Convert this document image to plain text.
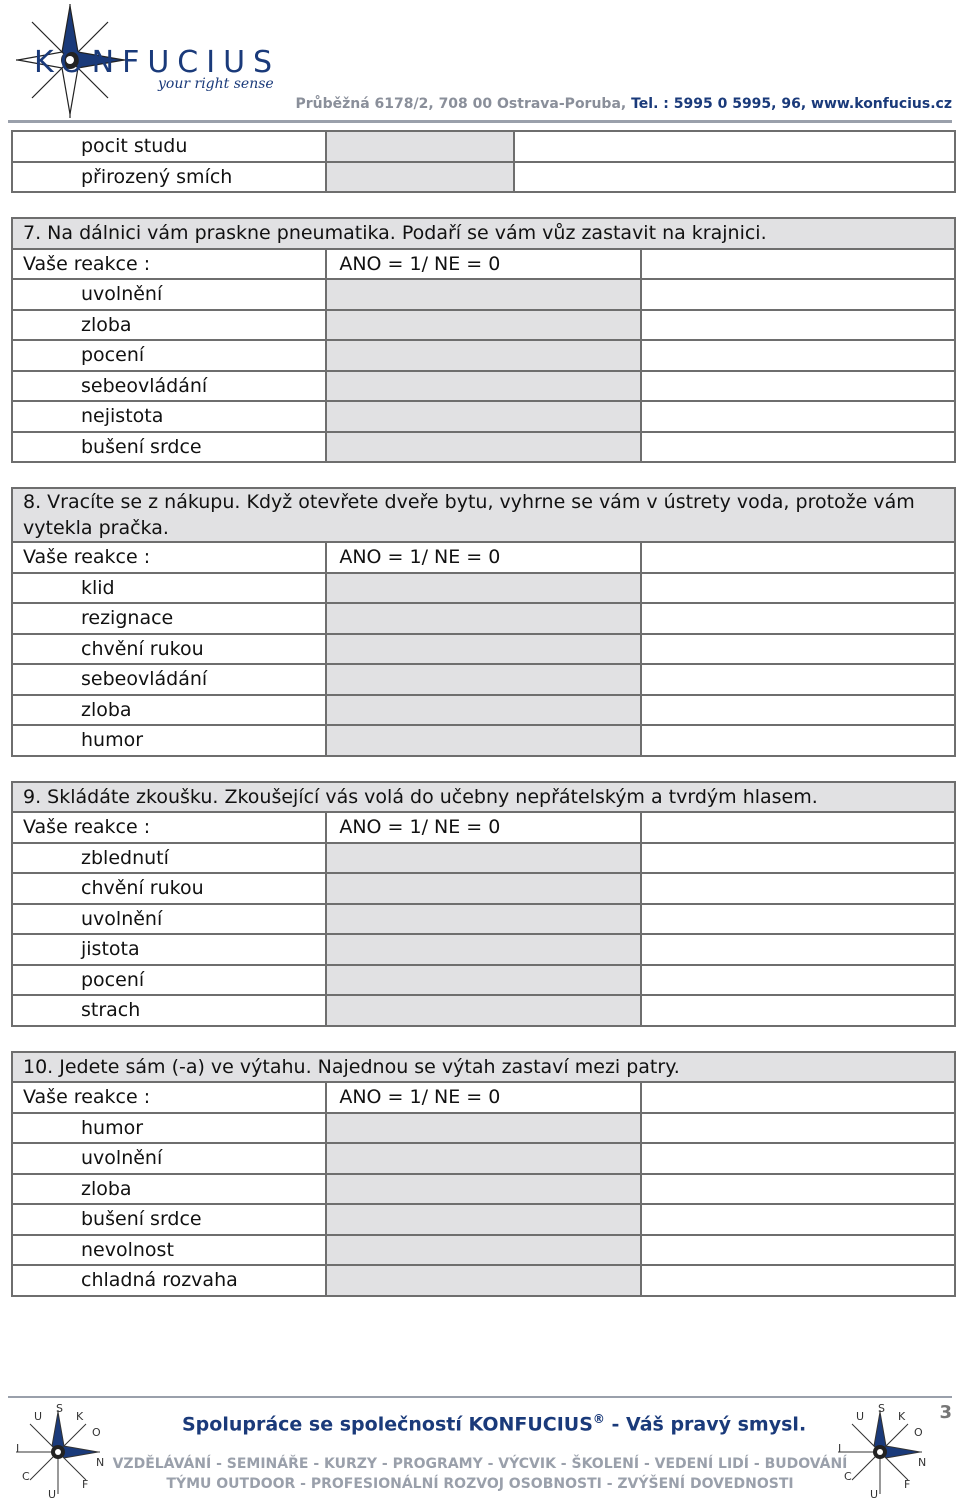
KONFUCIUS
your right sense
Průběžná 6178/2, 708 00 Ostrava-Poruba, Tel. : 5995 0 5995, 96, www.konfucius.cz
pocit studu		
přirozený smích		
7. Na dálnici vám praskne pneumatika. Podaří se vám vůz zastavit na krajnici.		
Vaše reakce :	ANO = 1/ NE = 0	
uvolnění		
zloba		
pocení		
sebeovládání		
nejistota		
bušení srdce		
8. Vracíte se z nákupu. Když otevřete dveře bytu, vyhrne se vám v ústrety voda, protože vám vytekla pračka.		
Vaše reakce :	ANO = 1/ NE = 0	
klid		
rezignace		
chvění rukou		
sebeovládání		
zloba		
humor		
9. Skládáte zkoušku. Zkoušející vás volá do učebny nepřátelským a tvrdým hlasem.		
Vaše reakce :	ANO = 1/ NE = 0	
zblednutí		
chvění rukou		
uvolnění		
jistota		
pocení		
strach		
10. Jedete sám (-a) ve výtahu. Najednou se výtah zastaví mezi patry.		
Vaše reakce :	ANO = 1/ NE = 0	
humor		
uvolnění		
zloba		
bušení srdce		
nevolnost		
chladná rozvaha		
U
S
K
O
N
F
U
C
I
Spolupráce se společností KONFUCIUS® - Váš pravý smysl.
3
U
S
K
O
N
F
U
C
I
VZDĚLÁVÁNÍ - SEMINÁŘE - KURZY - PROGRAMY - VÝCVIK - ŠKOLENÍ - VEDENÍ LIDÍ - BUDOVÁNÍ
TÝMU OUTDOOR - PROFESIONÁLNÍ ROZVOJ OSOBNOSTI - ZVÝŠENÍ DOVEDNOSTI
